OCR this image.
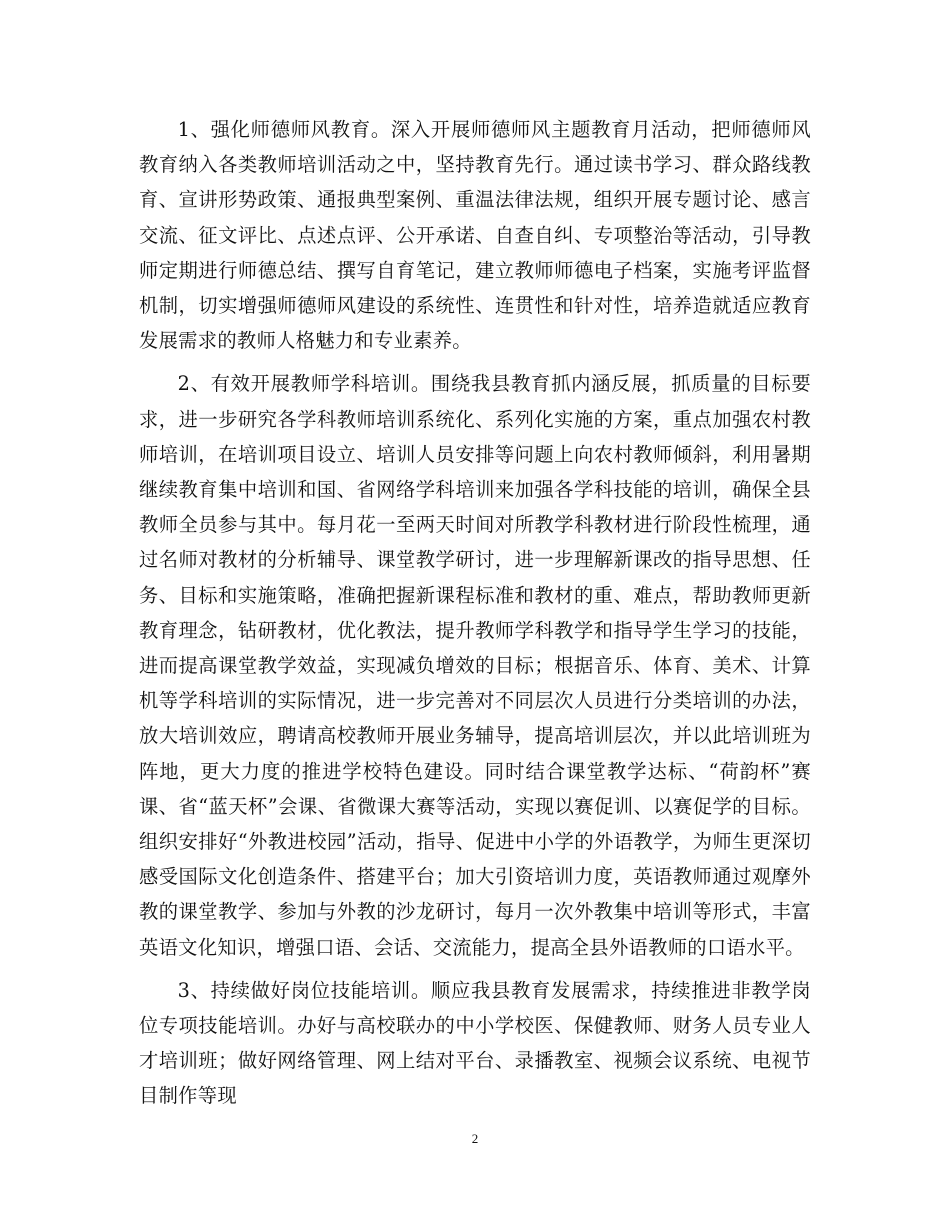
1、强化师德师风教育。深入开展师德师风主题教育月活动，把师德师风教育纳入各类教师培训活动之中，坚持教育先行。通过读书学习、群众路线教育、宣讲形势政策、通报典型案例、重温法律法规，组织开展专题讨论、感言交流、征文评比、点述点评、公开承诺、自查自纠、专项整治等活动，引导教师定期进行师德总结、撰写自育笔记，建立教师师德电子档案，实施考评监督机制，切实增强师德师风建设的系统性、连贯性和针对性，培养造就适应教育发展需求的教师人格魅力和专业素养。

2、有效开展教师学科培训。围绕我县教育抓内涵反展，抓质量的目标要求，进一步研究各学科教师培训系统化、系列化实施的方案，重点加强农村教师培训，在培训项目设立、培训人员安排等问题上向农村教师倾斜，利用暑期继续教育集中培训和国、省网络学科培训来加强各学科技能的培训，确保全县教师全员参与其中。每月花一至两天时间对所教学科教材进行阶段性梳理，通过名师对教材的分析辅导、课堂教学研讨，进一步理解新课改的指导思想、任务、目标和实施策略，准确把握新课程标准和教材的重、难点，帮助教师更新教育理念，钻研教材，优化教法，提升教师学科教学和指导学生学习的技能，进而提高课堂教学效益，实现减负增效的目标；根据音乐、体育、美术、计算机等学科培训的实际情况，进一步完善对不同层次人员进行分类培训的办法，放大培训效应，聘请高校教师开展业务辅导，提高培训层次，并以此培训班为阵地，更大力度的推进学校特色建设。同时结合课堂教学达标、“荷韵杯”赛课、省“蓝天杯”会课、省微课大赛等活动，实现以赛促训、以赛促学的目标。组织安排好“外教进校园”活动，指导、促进中小学的外语教学，为师生更深切感受国际文化创造条件、搭建平台；加大引资培训力度，英语教师通过观摩外教的课堂教学、参加与外教的沙龙研讨，每月一次外教集中培训等形式，丰富英语文化知识，增强口语、会话、交流能力，提高全县外语教师的口语水平。

3、持续做好岗位技能培训。顺应我县教育发展需求，持续推进非教学岗位专项技能培训。办好与高校联办的中小学校医、保健教师、财务人员专业人才培训班；做好网络管理、网上结对平台、录播教室、视频会议系统、电视节目制作等现

2
